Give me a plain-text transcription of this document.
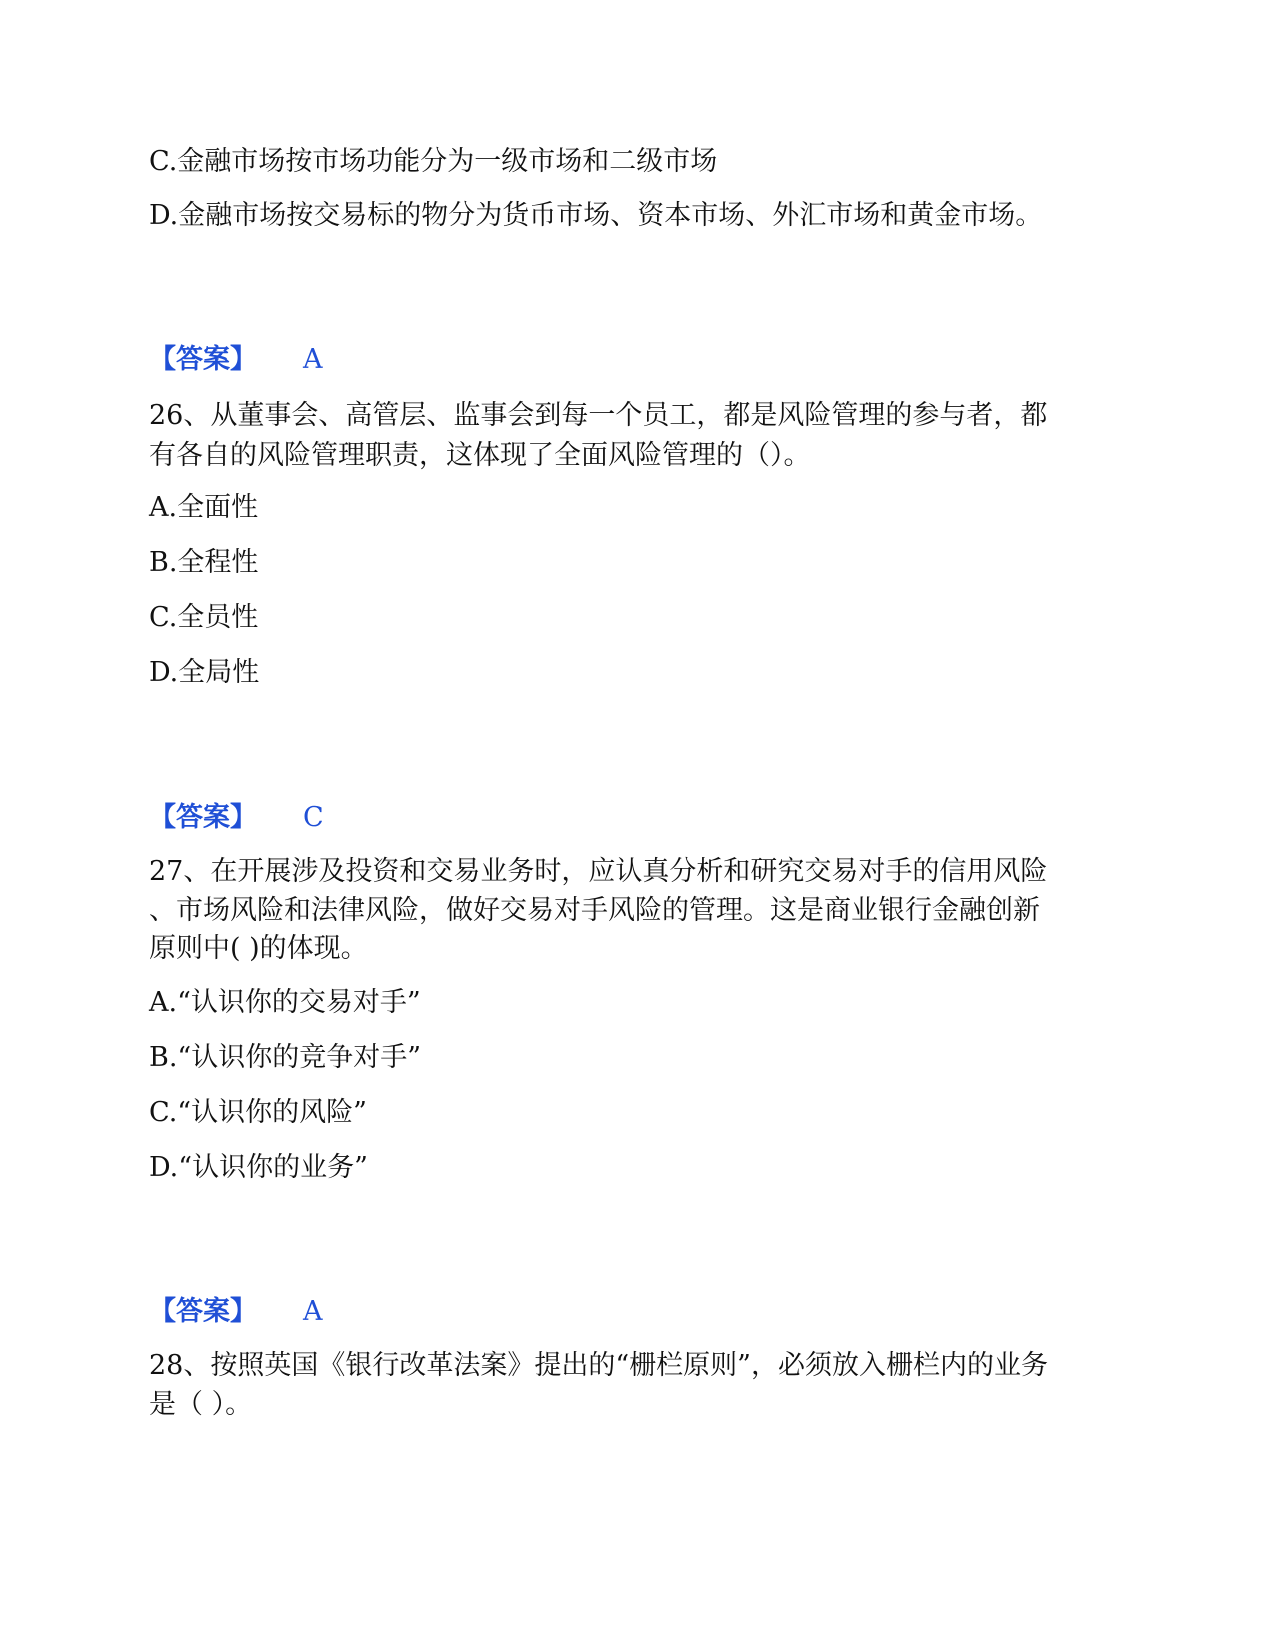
C.金融市场按市场功能分为一级市场和二级市场
D.金融市场按交易标的物分为货币市场、资本市场、外汇市场和黄金市场。
【答案】 A
26、从董事会、高管层、监事会到每一个员工，都是风险管理的参与者，都
有各自的风险管理职责，这体现了全面风险管理的（）。
A.全面性
B.全程性
C.全员性
D.全局性
【答案】 C
27、在开展涉及投资和交易业务时，应认真分析和研究交易对手的信用风险
、市场风险和法律风险，做好交易对手风险的管理。这是商业银行金融创新
原则中( )的体现。
A.“认识你的交易对手”
B.“认识你的竞争对手”
C.“认识你的风险”
D.“认识你的业务”
【答案】 A
28、按照英国《银行改革法案》提出的“栅栏原则”，必须放入栅栏内的业务
是（ ）。
